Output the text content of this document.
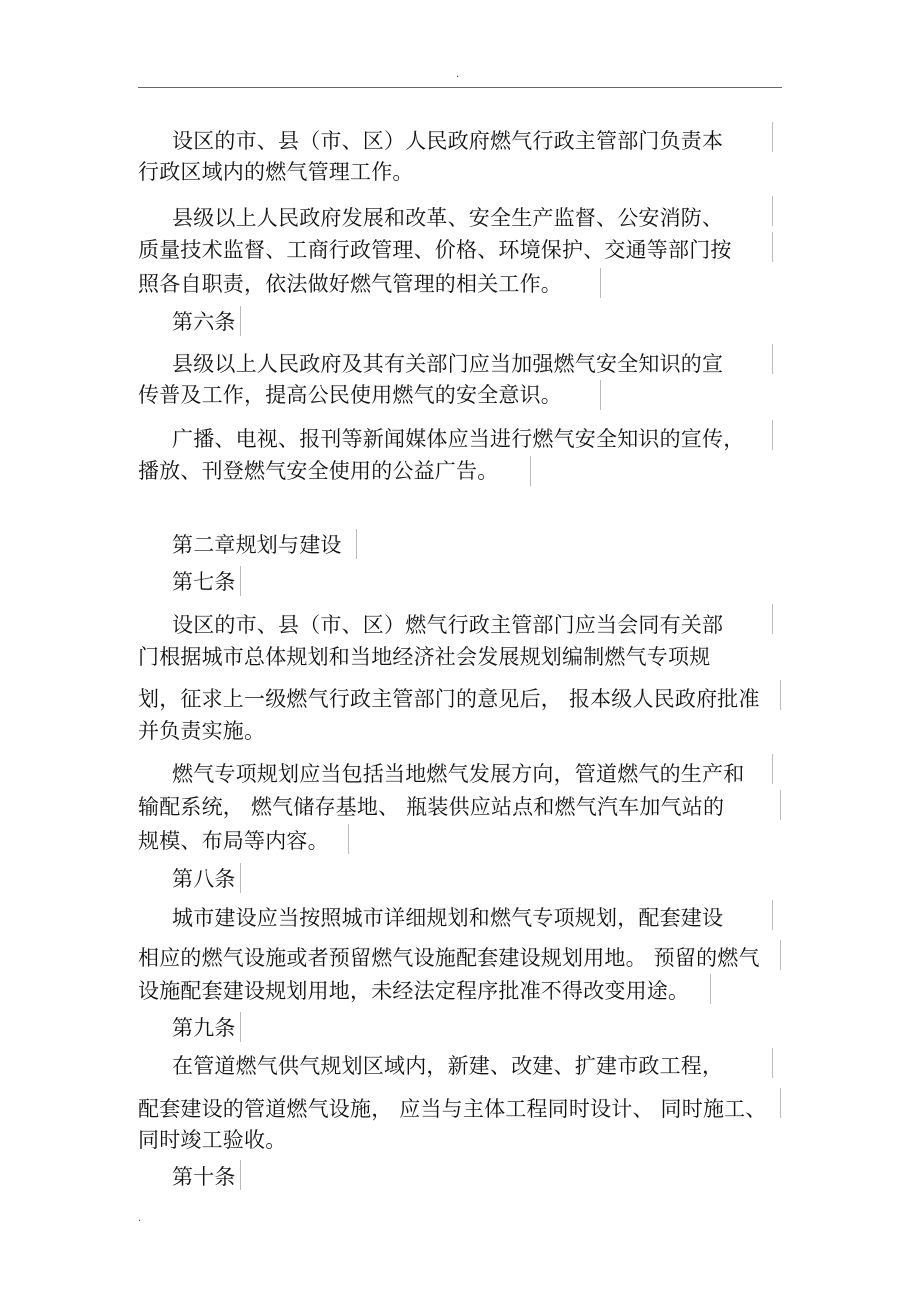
.
设区的市、县（市、区）人民政府燃气行政主管部门负责本
行政区域内的燃气管理工作。
县级以上人民政府发展和改革、安全生产监督、公安消防、
质量技术监督、工商行政管理、价格、环境保护、交通等部门按
照各自职责，依法做好燃气管理的相关工作。
第六条
县级以上人民政府及其有关部门应当加强燃气安全知识的宣
传普及工作，提高公民使用燃气的安全意识。
广播、电视、报刊等新闻媒体应当进行燃气安全知识的宣传，
播放、刊登燃气安全使用的公益广告。
第二章规划与建设
第七条
设区的市、县（市、区）燃气行政主管部门应当会同有关部
门根据城市总体规划和当地经济社会发展规划编制燃气专项规
划，征求上一级燃气行政主管部门的意见后， 报本级人民政府批准
并负责实施。
燃气专项规划应当包括当地燃气发展方向，管道燃气的生产和
输配系统， 燃气储存基地、 瓶装供应站点和燃气汽车加气站的
规模、布局等内容。
第八条
城市建设应当按照城市详细规划和燃气专项规划，配套建设
相应的燃气设施或者预留燃气设施配套建设规划用地。 预留的燃气
设施配套建设规划用地，未经法定程序批准不得改变用途。
第九条
在管道燃气供气规划区域内，新建、改建、扩建市政工程，
配套建设的管道燃气设施， 应当与主体工程同时设计、 同时施工、
同时竣工验收。
第十条
.
